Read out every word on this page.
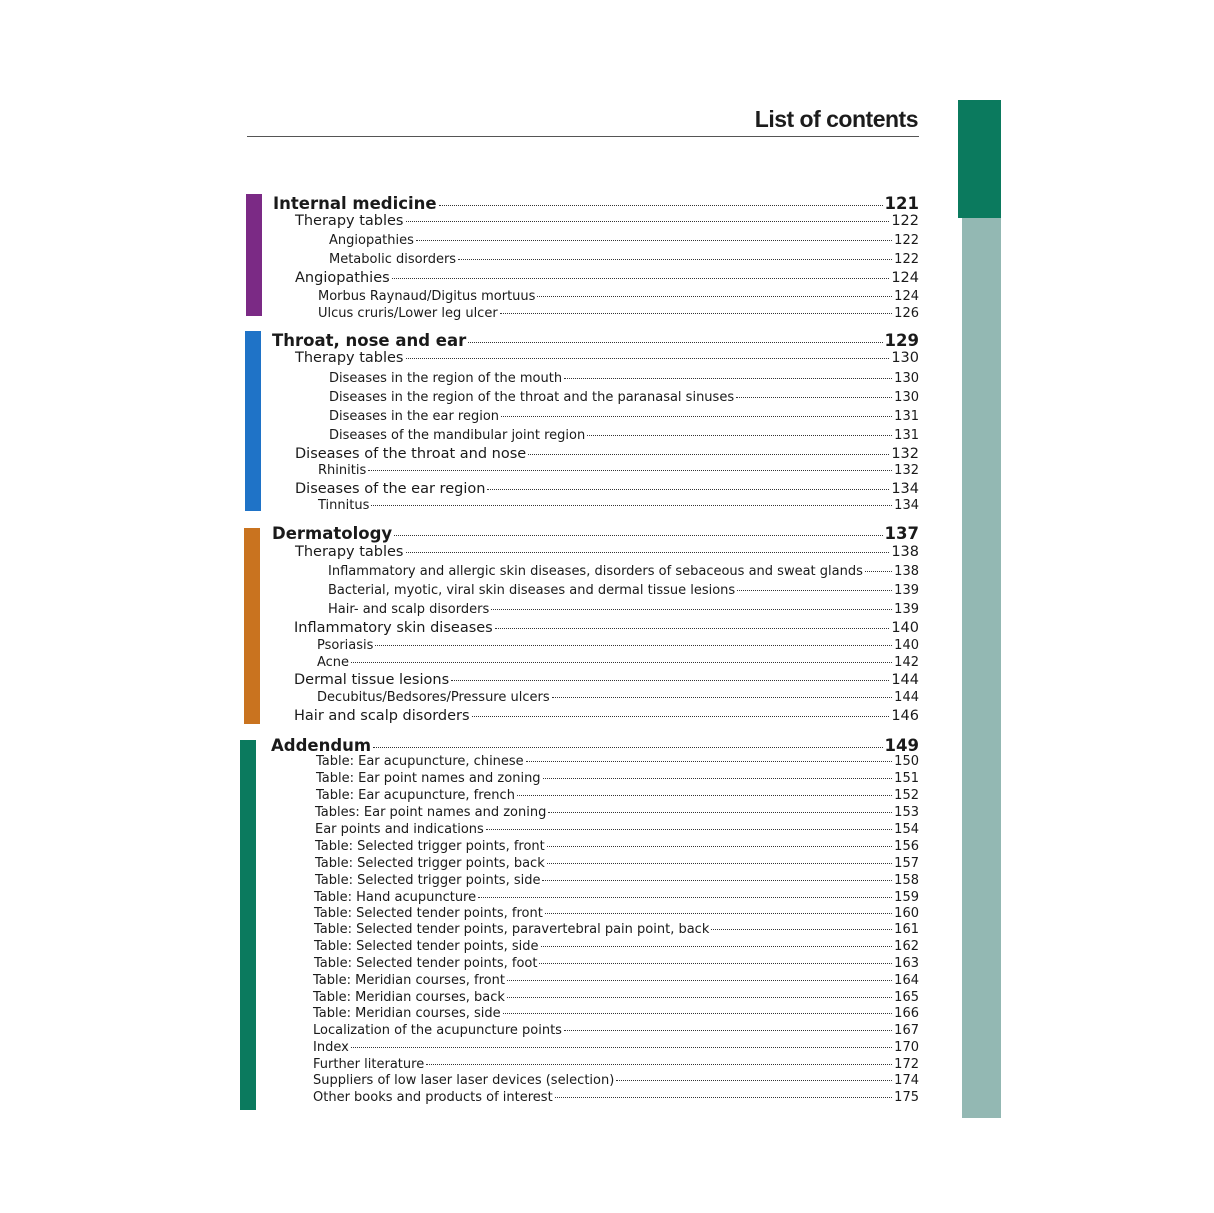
List of contents
Internal medicine	121
Therapy tables	122
Angiopathies	122
Metabolic disorders	122
Angiopathies	124
Morbus Raynaud/Digitus mortuus	124
Ulcus cruris/Lower leg ulcer	126
Throat, nose and ear	129
Therapy tables	130
Diseases in the region of the mouth	130
Diseases in the region of the throat and the paranasal sinuses	130
Diseases in the ear region	131
Diseases of the mandibular joint region	131
Diseases of the throat and nose	132
Rhinitis	132
Diseases of the ear region	134
Tinnitus	134
Dermatology	137
Therapy tables	138
Inflammatory and allergic skin diseases, disorders of sebaceous and sweat glands 138
Bacterial, myotic, viral skin diseases and dermal tissue lesions	139
Hair- and scalp disorders	139
Inflammatory skin diseases	140
Psoriasis	140
Acne	142
Dermal tissue lesions	144
Decubitus/Bedsores/Pressure ulcers	144
Hair and scalp disorders	146
Addendum	149
Table: Ear acupuncture, chinese	150
Table: Ear point names and zoning	151
Table: Ear acupuncture, french	152
Tables: Ear point names and zoning	153
Ear points and indications	154
Table: Selected trigger points, front	156
Table: Selected trigger points, back	157
Table: Selected trigger points, side	158
Table: Hand acupuncture	159
Table: Selected tender points, front	160
Table: Selected tender points, paravertebral pain point, back	161
Table: Selected tender points, side	162
Table: Selected tender points, foot	163
Table: Meridian courses, front	164
Table: Meridian courses, back	165
Table: Meridian courses, side	166
Localization of the acupuncture points	167
Index	170
Further literature	172
Suppliers of low laser laser devices (selection)	174
Other books and products of interest	175
